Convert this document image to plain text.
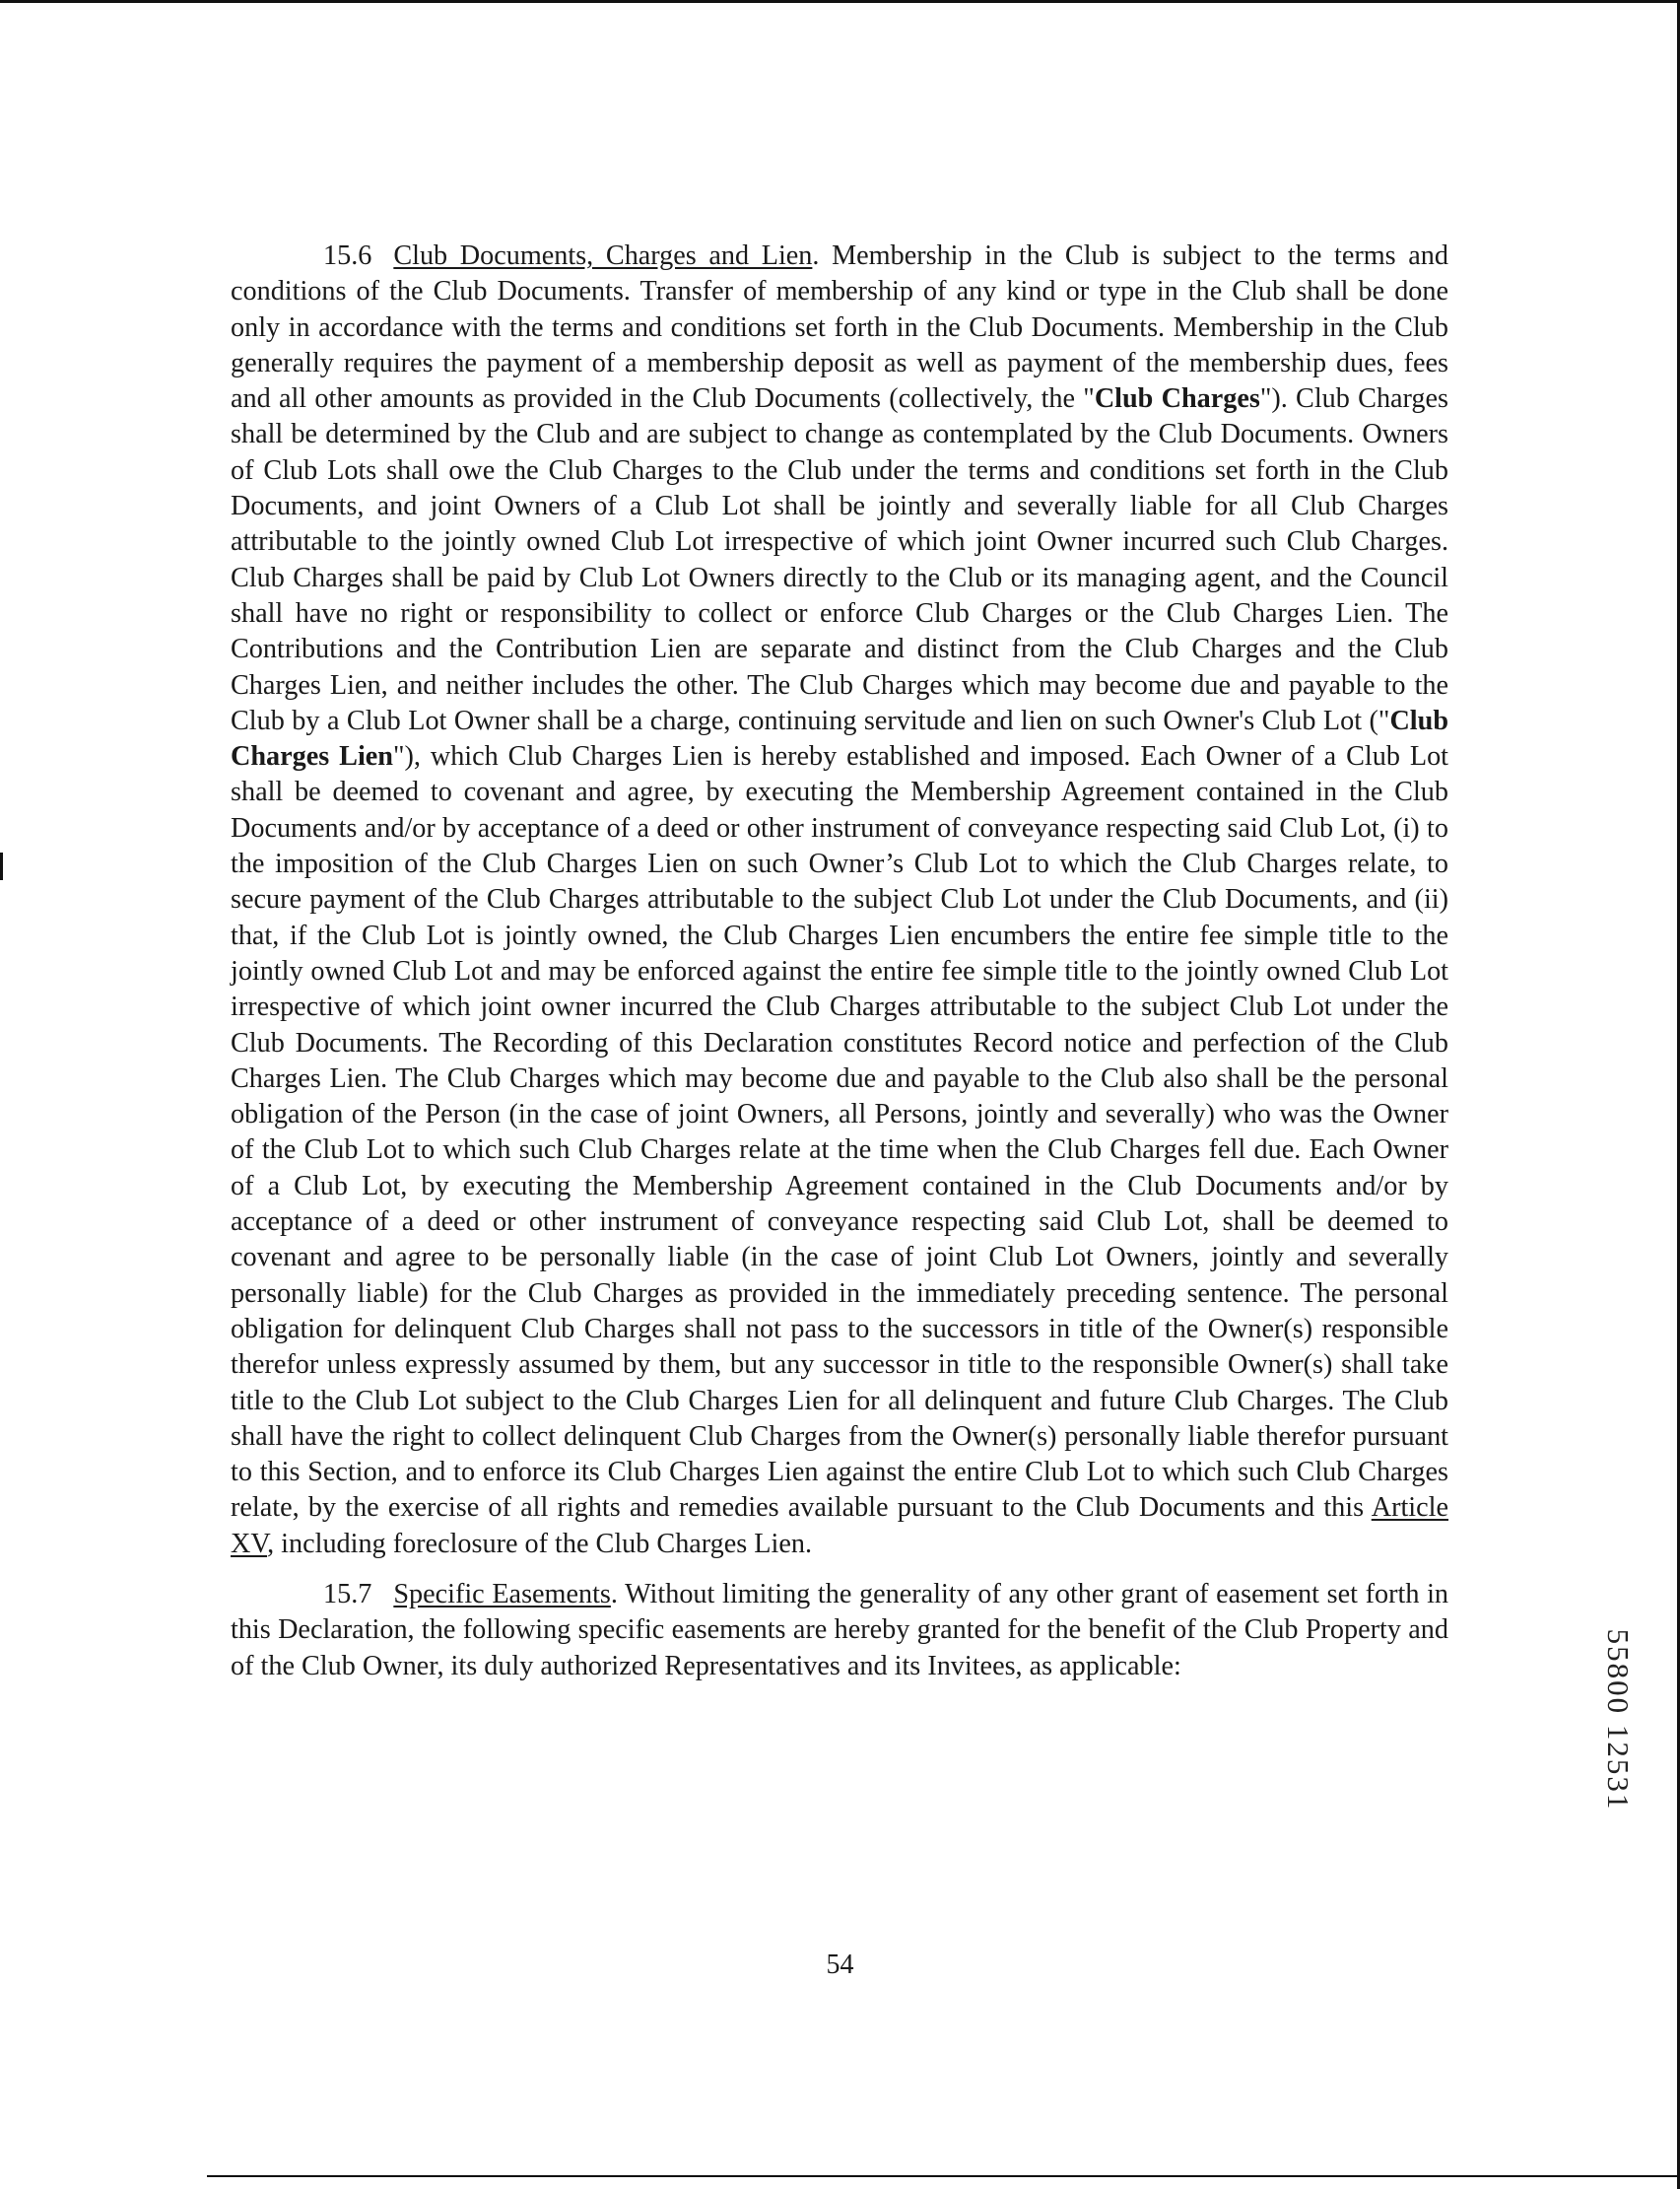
15.6 Club Documents, Charges and Lien. Membership in the Club is subject to the terms and conditions of the Club Documents. Transfer of membership of any kind or type in the Club shall be done only in accordance with the terms and conditions set forth in the Club Documents. Membership in the Club generally requires the payment of a membership deposit as well as payment of the membership dues, fees and all other amounts as provided in the Club Documents (collectively, the "Club Charges"). Club Charges shall be determined by the Club and are subject to change as contemplated by the Club Documents. Owners of Club Lots shall owe the Club Charges to the Club under the terms and conditions set forth in the Club Documents, and joint Owners of a Club Lot shall be jointly and severally liable for all Club Charges attributable to the jointly owned Club Lot irrespective of which joint Owner incurred such Club Charges. Club Charges shall be paid by Club Lot Owners directly to the Club or its managing agent, and the Council shall have no right or responsibility to collect or enforce Club Charges or the Club Charges Lien. The Contributions and the Contribution Lien are separate and distinct from the Club Charges and the Club Charges Lien, and neither includes the other. The Club Charges which may become due and payable to the Club by a Club Lot Owner shall be a charge, continuing servitude and lien on such Owner's Club Lot ("Club Charges Lien"), which Club Charges Lien is hereby established and imposed. Each Owner of a Club Lot shall be deemed to covenant and agree, by executing the Membership Agreement contained in the Club Documents and/or by acceptance of a deed or other instrument of conveyance respecting said Club Lot, (i) to the imposition of the Club Charges Lien on such Owner’s Club Lot to which the Club Charges relate, to secure payment of the Club Charges attributable to the subject Club Lot under the Club Documents, and (ii) that, if the Club Lot is jointly owned, the Club Charges Lien encumbers the entire fee simple title to the jointly owned Club Lot and may be enforced against the entire fee simple title to the jointly owned Club Lot irrespective of which joint owner incurred the Club Charges attributable to the subject Club Lot under the Club Documents. The Recording of this Declaration constitutes Record notice and perfection of the Club Charges Lien. The Club Charges which may become due and payable to the Club also shall be the personal obligation of the Person (in the case of joint Owners, all Persons, jointly and severally) who was the Owner of the Club Lot to which such Club Charges relate at the time when the Club Charges fell due. Each Owner of a Club Lot, by executing the Membership Agreement contained in the Club Documents and/or by acceptance of a deed or other instrument of conveyance respecting said Club Lot, shall be deemed to covenant and agree to be personally liable (in the case of joint Club Lot Owners, jointly and severally personally liable) for the Club Charges as provided in the immediately preceding sentence. The personal obligation for delinquent Club Charges shall not pass to the successors in title of the Owner(s) responsible therefor unless expressly assumed by them, but any successor in title to the responsible Owner(s) shall take title to the Club Lot subject to the Club Charges Lien for all delinquent and future Club Charges. The Club shall have the right to collect delinquent Club Charges from the Owner(s) personally liable therefor pursuant to this Section, and to enforce its Club Charges Lien against the entire Club Lot to which such Club Charges relate, by the exercise of all rights and remedies available pursuant to the Club Documents and this Article XV, including foreclosure of the Club Charges Lien.

15.7 Specific Easements. Without limiting the generality of any other grant of easement set forth in this Declaration, the following specific easements are hereby granted for the benefit of the Club Property and of the Club Owner, its duly authorized Representatives and its Invitees, as applicable:

54
55800 12531
